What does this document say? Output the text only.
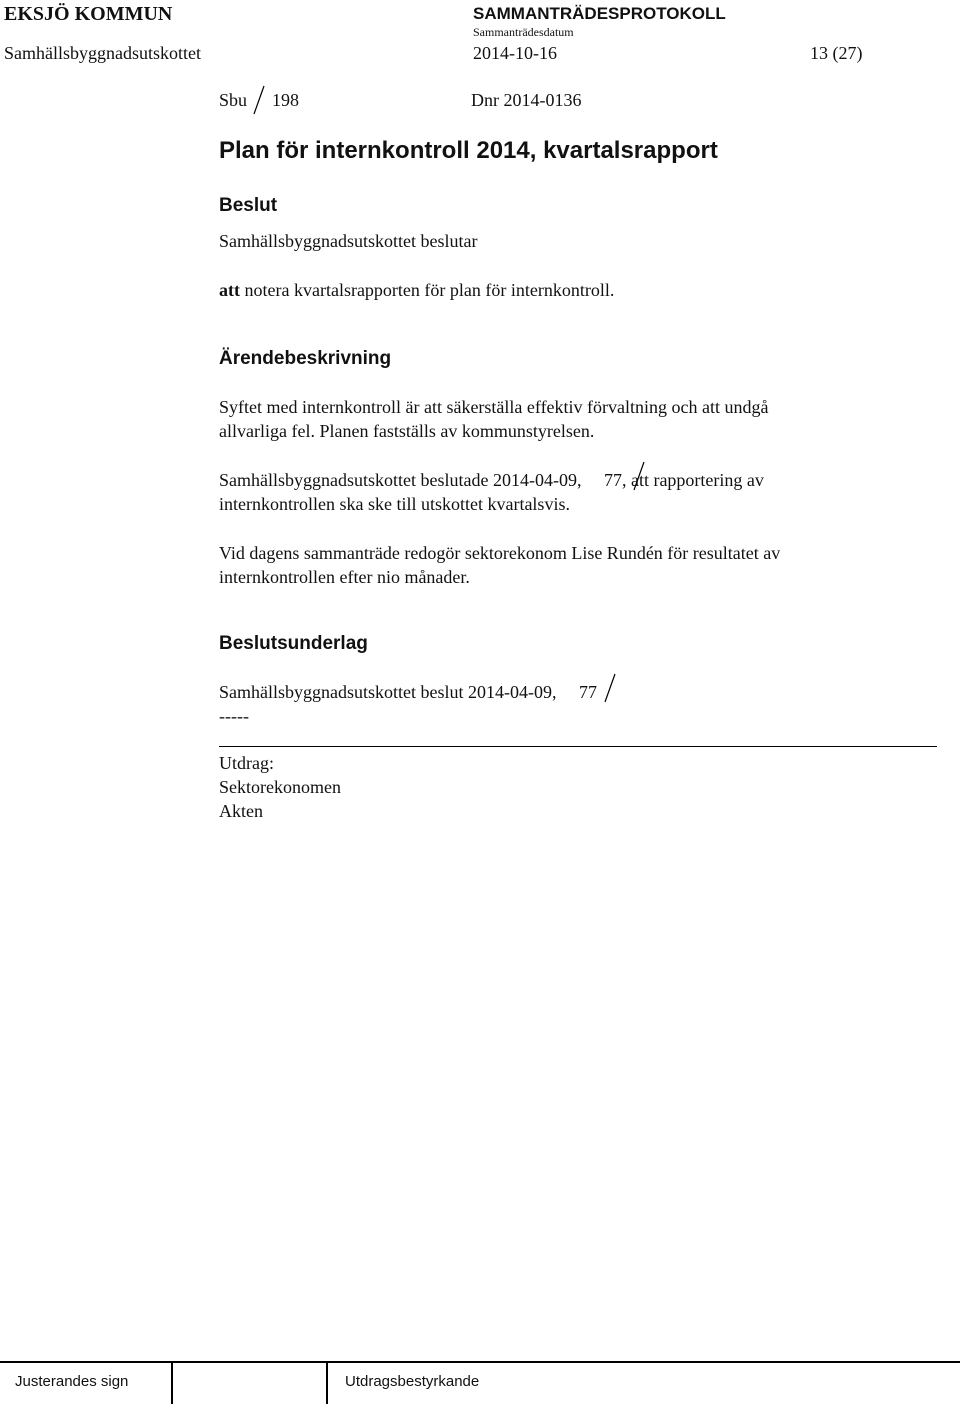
EKSJÖ KOMMUN	SAMMANTRÄDESPROTOKOLL
Sammanträdesdatum
Samhällsbyggnadsutskottet	2014-10-16	13 (27)
Sbu 198	Dnr 2014-0136
Plan för internkontroll 2014, kvartalsrapport
Beslut
Samhällsbyggnadsutskottet beslutar
att notera kvartalsrapporten för plan för internkontroll.
Ärendebeskrivning
Syftet med internkontroll är att säkerställa effektiv förvaltning och att undgå
allvarliga fel. Planen fastställs av kommunstyrelsen.
Samhällsbyggnadsutskottet beslutade 2014-04-09, 77, att rapportering av
internkontrollen ska ske till utskottet kvartalsvis.
Vid dagens sammanträde redogör sektorekonom Lise Rundén för resultatet av
internkontrollen efter nio månader.
Beslutsunderlag
Samhällsbyggnadsutskottet beslut 2014-04-09, 77
-----
Utdrag:
Sektorekonomen
Akten
Justerandes sign	Utdragsbestyrkande
